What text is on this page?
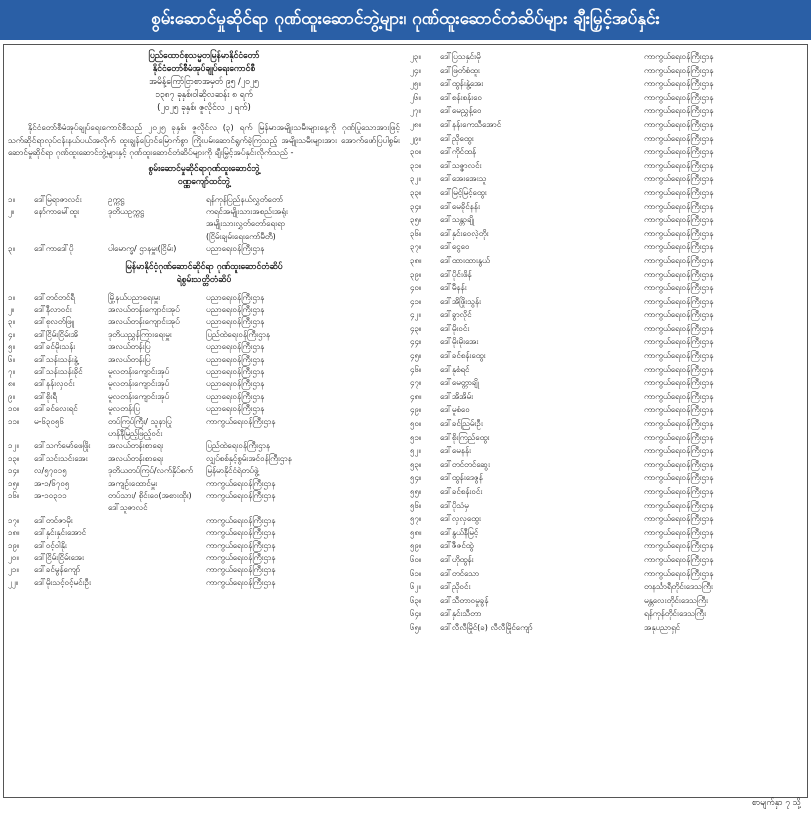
စွမ်းဆောင်မှုဆိုင်ရာ ဂုဏ်ထူးဆောင်ဘွဲ့များ၊ ဂုဏ်ထူးဆောင်တံဆိပ်များ ချီးမြှင့်အပ်နှင်း
ပြည်ထောင်စုသမ္မတမြန်မာနိုင်ငံတော်
နိုင်ငံတော်စီမံအုပ်ချုပ်ရေးကောင်စီ
အမိန့်ကြော်ငြာစာအမှတ် ၉၅ /၂၀၂၅
၁၃၈၇ ခုနှစ်၊ဝါဆိုလဆန်း ၈ ရက်
(၂၀၂၅ ခုနှစ်၊ ဇူလိုင်လ ၂ ရက်)
နိုင်ငံတော်စီမံအုပ်ချုပ်ရေးကောင်စီသည် ၂၀၂၅ ခုနှစ်၊ ဇူလိုင်လ (၃) ရက် မြန်မာအမျိုးသမီးများနေ့ကို ဂုဏ်ပြုသောအားဖြင့် သက်ဆိုင်ရာလုပ်ငန်းနယ်ပယ်အလိုက် ထူးချွန်ပြောင်မြောက်စွာ ကြိုးပမ်းဆောင်ရွက်ခဲ့ကြသည့် အမျိုးသမီးများအား အောက်ဖော်ပြပါစွမ်းဆောင်မှုဆိုင်ရာ ဂုဏ်ထူးဆောင်ဘွဲ့များနှင့် ဂုဏ်ထူးဆောင်တံဆိပ်များကို ချီးမြှင့်အပ်နှင်းလိုက်သည် -
စွမ်းဆောင်မှုဆိုင်ရာဂုဏ်ထူးဆောင်ဘွဲ့
ဝဏ္ဏကျော်ထင်ဘွဲ့
၁။	ဒေါ်မြရာဇာလင်း	ဥက္ကဋ္ဌ	ရန်ကုန်ပြည်နယ်လွှတ်တော်
၂။	နော်ကာမေါ်ထူး	ဒုတိယဥက္ကဋ္ဌ	ကရင်အမျိုးသားအစည်းအရုံး
အမျိုးသားလွှတ်တော်ရေးရာ
(ငြိမ်းချမ်းရေးကော်မီတီ)
၃။	ဒေါ်ကာဒေါ်ပို	ပါမောက္ခ/ ဌာနမှူး(ငြိမ်း)	ပညာရေးဝန်ကြီးဌာန
မြန်မာနိုင်ငံ့ဂုဏ်ဆောင်ဆိုင်ရာ ဂုဏ်ထူးဆောင်တံဆိပ်
ရဲစွမ်းသတ္တိတံဆိပ်
၁။	ဒေါ်တင်တင်ရီ	မြို့နယ်ပညာရေးမှူး	ပညာရေးဝန်ကြီးဌာန
၂။	ဒေါ်နီလာဝင်း	အလယ်တန်းကျောင်းအုပ်	ပညာရေးဝန်ကြီးဌာန
၃။	ဒေါ်စုလတ်ဖြူ	အလယ်တန်းကျောင်းအုပ်	ပညာရေးဝန်ကြီးဌာန
၄။	ဒေါ်ငြိမ်းငြိမ်းအိ	ဒုတိယညွှန်ကြားရေးမှူး	ပြည်ထဲရေးဝန်ကြီးဌာန
၅။	ဒေါ်ခင်မိုးသန်း	အလယ်တန်းပြ	ပညာရေးဝန်ကြီးဌာန
၆။	ဒေါ်သန်းသန်းနွဲ့	အလယ်တန်းပြ	ပညာရေးဝန်ကြီးဌာန
၇။	ဒေါ်သန်းသန်းခိုင်	မူလတန်းကျောင်းအုပ်	ပညာရေးဝန်ကြီးဌာန
၈။	ဒေါ်နန်းလှဝင်း	မူလတန်းကျောင်းအုပ်	ပညာရေးဝန်ကြီးဌာန
၉။	ဒေါ်စိုးရီ	မူလတန်းကျောင်းအုပ်	ပညာရေးဝန်ကြီးဌာန
၁၀။	ဒေါ်ခင်လေးရင်	မူလတန်းပြ	ပညာရေးဝန်ကြီးဌာန
၁၁။	မ-၆၃၀၅၆	တပ်ကြပ်ကြီး/ သူနာပြု	ကာကွယ်ရေးဝန်ကြီးဌာန
ဟန်နီမြည့်ဖြည့်ဝင်း
၁၂။	ဒေါ်သက်မော်ဖေဖြိုး	အလယ်တန်းစာရေး	ပြည်ထဲရေးဝန်ကြီးဌာန
၁၃။	ဒေါ်သင်းသင်းအေး	အလယ်တန်းစာရေး	လျှပ်စစ်နှင့်စွမ်းအင်ဝန်ကြီးဌာန
၁၄။	လ/၅၇၀၁၅	ဒုတိယတပ်ကြပ်/လက်နှိပ်စက်	မြန်မာနိုင်ငံရဲတပ်ဖွဲ့
၁၅။	အ-၁/၆၇၀၅	အကျဉ်းထောင်မှူး	ကာကွယ်ရေးဝန်ကြီးဌာန
၁၆။	အ-၁၀၃၁၁	တပ်သား/ စိုင်းဝေ(အစားထိုး)	ကာကွယ်ရေးဝန်ကြီးဌာန
ဒေါ်သူဇာလင်
၁၇။	ဒေါ်တင်ဇာမိုး	ကာကွယ်ရေးဝန်ကြီးဌာန
၁၈။	ဒေါ်နှင်းနှင်းအောင်	ကာကွယ်ရေးဝန်ကြီးဌာန
၁၉။	ဒေါ်ဝင့်ဝါနိုး	ကာကွယ်ရေးဝန်ကြီးဌာန
၂၀။	ဒေါ်ငြိမ်းငြိမ်းအေး	ကာကွယ်ရေးဝန်ကြီးဌာန
၂၁။	ဒေါ်ခင်မွန်ကျော်	ကာကွယ်ရေးဝန်ကြီးဌာန
၂၂။	ဒေါ်မိုးသင့်ဝင့်မင်းဦး	ကာကွယ်ရေးဝန်ကြီးဌာန
၂၃။	ဒေါ်ပြသနှင်းမို	ကာကွယ်ရေးဝန်ကြီးဌာန
၂၄။	ဒေါ်ဖြတ်စံထူး	ကာကွယ်ရေးဝန်ကြီးဌာန
၂၅။	ဒေါ်ထွန်းနွဲ့အေး	ကာကွယ်ရေးဝန်ကြီးဌာန
၂၆။	ဒေါ်စန်းစန်းဝေ	ကာကွယ်ရေးဝန်ကြီးဌာန
၂၇။	ဒေါ်မေညွှန့်ဝေ	ကာကွယ်ရေးဝန်ကြီးဌာန
၂၈။	ဒေါ်နန်းကေသီအောင်	ကာကွယ်ရေးဝန်ကြီးဌာန
၂၉။	ဒေါ်ညိုထွေး	ကာကွယ်ရေးဝန်ကြီးဌာန
၃၀။	ဒေါ်ကိုင်ထန်	ကာကွယ်ရေးဝန်ကြီးဌာန
၃၁။	ဒေါ်သဇ္ဇာလင်း	ကာကွယ်ရေးဝန်ကြီးဌာန
၃၂။	ဒေါ်အေးအေးသူ	ကာကွယ်ရေးဝန်ကြီးဌာန
၃၃။	ဒေါ်မြင့်မြင့်ထွေး	ကာကွယ်ရေးဝန်ကြီးဌာန
၃၄။	ဒေါ်မေခိုင်နန်း	ကာကွယ်ရေးဝန်ကြီးဌာန
၃၅။	ဒေါ်သန္တာချို	ကာကွယ်ရေးဝန်ကြီးဌာန
၃၆။	ဒေါ်နှင်းဝေလဲ့တိုး	ကာကွယ်ရေးဝန်ကြီးဌာန
၃၇။	ဒေါ်ငွေဝေ	ကာကွယ်ရေးဝန်ကြီးဌာန
၃၈။	ဒေါ်ထားထားနွယ်	ကာကွယ်ရေးဝန်ကြီးဌာန
၃၉။	ဒေါ်ပိုင်းဖိန်	ကာကွယ်ရေးဝန်ကြီးဌာန
၄၀။	ဒေါ်မီနန်း	ကာကွယ်ရေးဝန်ကြီးဌာန
၄၁။	ဒေါ်အိဖြိုးသွန်း	ကာကွယ်ရေးဝန်ကြီးဌာန
၄၂။	ဒေါ်ခွာလိုင်	ကာကွယ်ရေးဝန်ကြီးဌာန
၄၃။	ဒေါ်မိုးဝင်း	ကာကွယ်ရေးဝန်ကြီးဌာန
၄၄။	ဒေါ်မိုးမိုးအေး	ကာကွယ်ရေးဝန်ကြီးဌာန
၄၅။	ဒေါ်ခင်စန်းထွေး	ကာကွယ်ရေးဝန်ကြီးဌာန
၄၆။	ဒေါ်နုစံရင်	ကာကွယ်ရေးဝန်ကြီးဌာန
၄၇။	ဒေါ်မေတ္တာချို	ကာကွယ်ရေးဝန်ကြီးဌာန
၄၈။	ဒေါ်အိအိမ်း	ကာကွယ်ရေးဝန်ကြီးဌာန
၄၉။	ဒေါ်မူစံဝေ	ကာကွယ်ရေးဝန်ကြီးဌာန
၅၀။	ဒေါ်ခင်ညြမ်းဦး	ကာကွယ်ရေးဝန်ကြီးဌာန
၅၁။	ဒေါ်စိုးကြည်ထွေး	ကာကွယ်ရေးဝန်ကြီးဌာန
၅၂။	ဒေါ်မေနန်း	ကာကွယ်ရေးဝန်ကြီးဌာန
၅၃။	ဒေါ်တင်တင်ဆွေး	ကာကွယ်ရေးဝန်ကြီးဌာန
၅၄။	ဒေါ်ထွန်းဒေဇွန်	ကာကွယ်ရေးဝန်ကြီးဌာန
၅၅။	ဒေါ်ခင်စန်းဝင်း	ကာကွယ်ရေးဝန်ကြီးဌာန
၅၆။	ဒေါ်ပိုသံမှ	ကာကွယ်ရေးဝန်ကြီးဌာန
၅၇။	ဒေါ်လှလှထွေး	ကာကွယ်ရေးဝန်ကြီးဌာန
၅၈။	ဒေါ်နွယ်နီမြင့်	ကာကွယ်ရေးဝန်ကြီးဌာန
၅၉။	ဒေါ်ဇီဇင်ထွဲ	ကာကွယ်ရေးဝန်ကြီးဌာန
၆၀။	ဒေါ်ဟိုထွန်း	ကာကွယ်ရေးဝန်ကြီးဌာန
၆၁။	ဒေါ်တင်သော	ကာကွယ်ရေးဝန်ကြီးဌာန
၆၂။	ဒေါ်ညိုဝင်း	တနင်္သာရီတိုင်းဒေသကြီး
၆၃။	ဒေါ်သီတာဝမှုခွန်	မန္တလေးတိုင်းဒေသကြီး
၆၄။	ဒေါ်နှင်းသီတာ	ရန်ကုန်တိုင်းဒေသကြီး
၆၅။	ဒေါ်လီလီမြိုင်(ခ) လီလီမြိုင်ကျော်	အနုပညာရှင်
စာမျက်နှာ ၇ သို့
